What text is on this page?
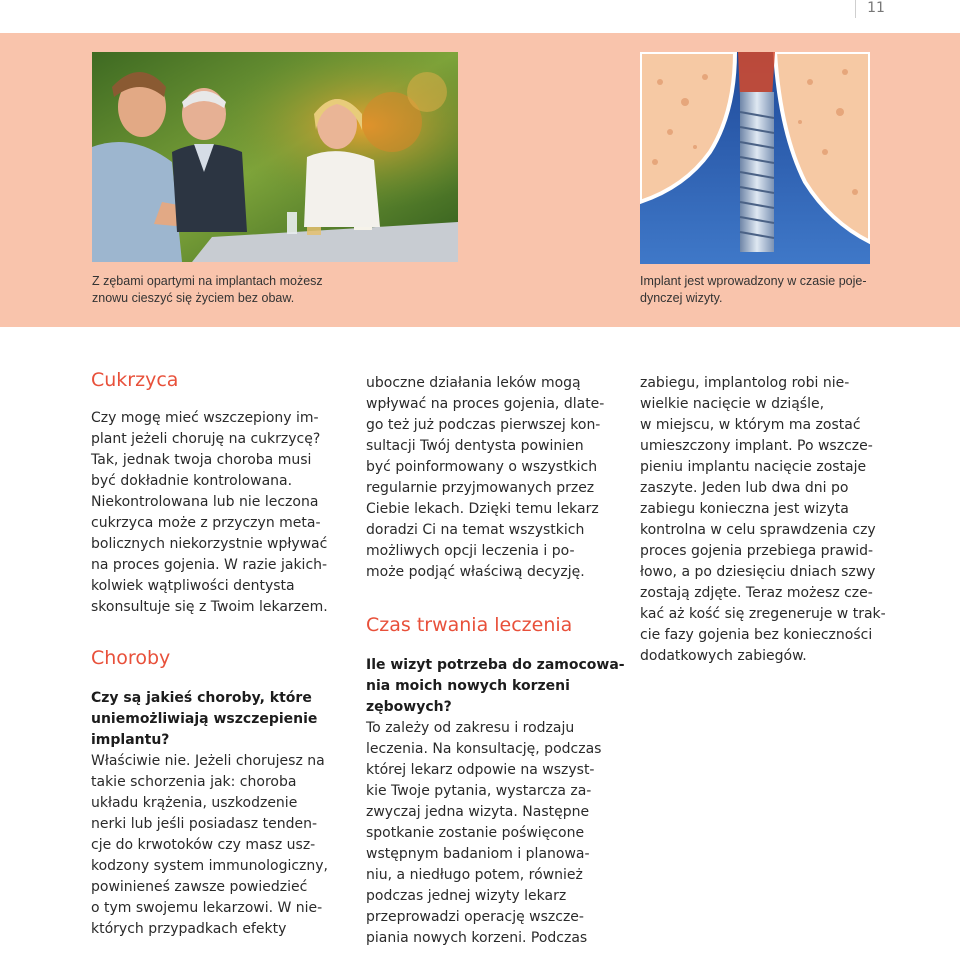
11
Z zębami opartymi na implantach możesz
znowu cieszyć się życiem bez obaw.
Implant jest wprowadzony w czasie poje-
dynczej wizyty.
Cukrzyca
Czy mogę mieć wszczepiony im-
plant jeżeli choruję na cukrzycę?
Tak, jednak twoja choroba musi
być dokładnie kontrolowana.
Niekontrolowana lub nie leczona
cukrzyca może z przyczyn meta-
bolicznych niekorzystnie wpływać
na proces gojenia. W razie jakich-
kolwiek wątpliwości dentysta
skonsultuje się z Twoim lekarzem.
Choroby
Czy są jakieś choroby, które
uniemożliwiają wszczepienie
implantu?
Właściwie nie. Jeżeli chorujesz na
takie schorzenia jak: choroba
układu krążenia, uszkodzenie
nerki lub jeśli posiadasz tenden-
cje do krwotoków czy masz usz-
kodzony system immunologiczny,
powinieneś zawsze powiedzieć
o tym swojemu lekarzowi. W nie-
których przypadkach efekty
uboczne działania leków mogą
wpływać na proces gojenia, dlate-
go też już podczas pierwszej kon-
sultacji Twój dentysta powinien
być poinformowany o wszystkich
regularnie przyjmowanych przez
Ciebie lekach. Dzięki temu lekarz
doradzi Ci na temat wszystkich
możliwych opcji leczenia i po-
może podjąć właściwą decyzję.
Czas trwania leczenia
Ile wizyt potrzeba do zamocowa-
nia moich nowych korzeni
zębowych?
To zależy od zakresu i rodzaju
leczenia. Na konsultację, podczas
której lekarz odpowie na wszyst-
kie Twoje pytania, wystarcza za-
zwyczaj jedna wizyta. Następne
spotkanie zostanie poświęcone
wstępnym badaniom i planowa-
niu, a niedługo potem, również
podczas jednej wizyty lekarz
przeprowadzi operację wszcze-
piania nowych korzeni. Podczas
zabiegu, implantolog robi nie-
wielkie nacięcie w dziąśle,
w miejscu, w którym ma zostać
umieszczony implant. Po wszcze-
pieniu implantu nacięcie zostaje
zaszyte. Jeden lub dwa dni po
zabiegu konieczna jest wizyta
kontrolna w celu sprawdzenia czy
proces gojenia przebiega prawid-
łowo, a po dziesięciu dniach szwy
zostają zdjęte. Teraz możesz cze-
kać aż kość się zregeneruje w trak-
cie fazy gojenia bez konieczności
dodatkowych zabiegów.
